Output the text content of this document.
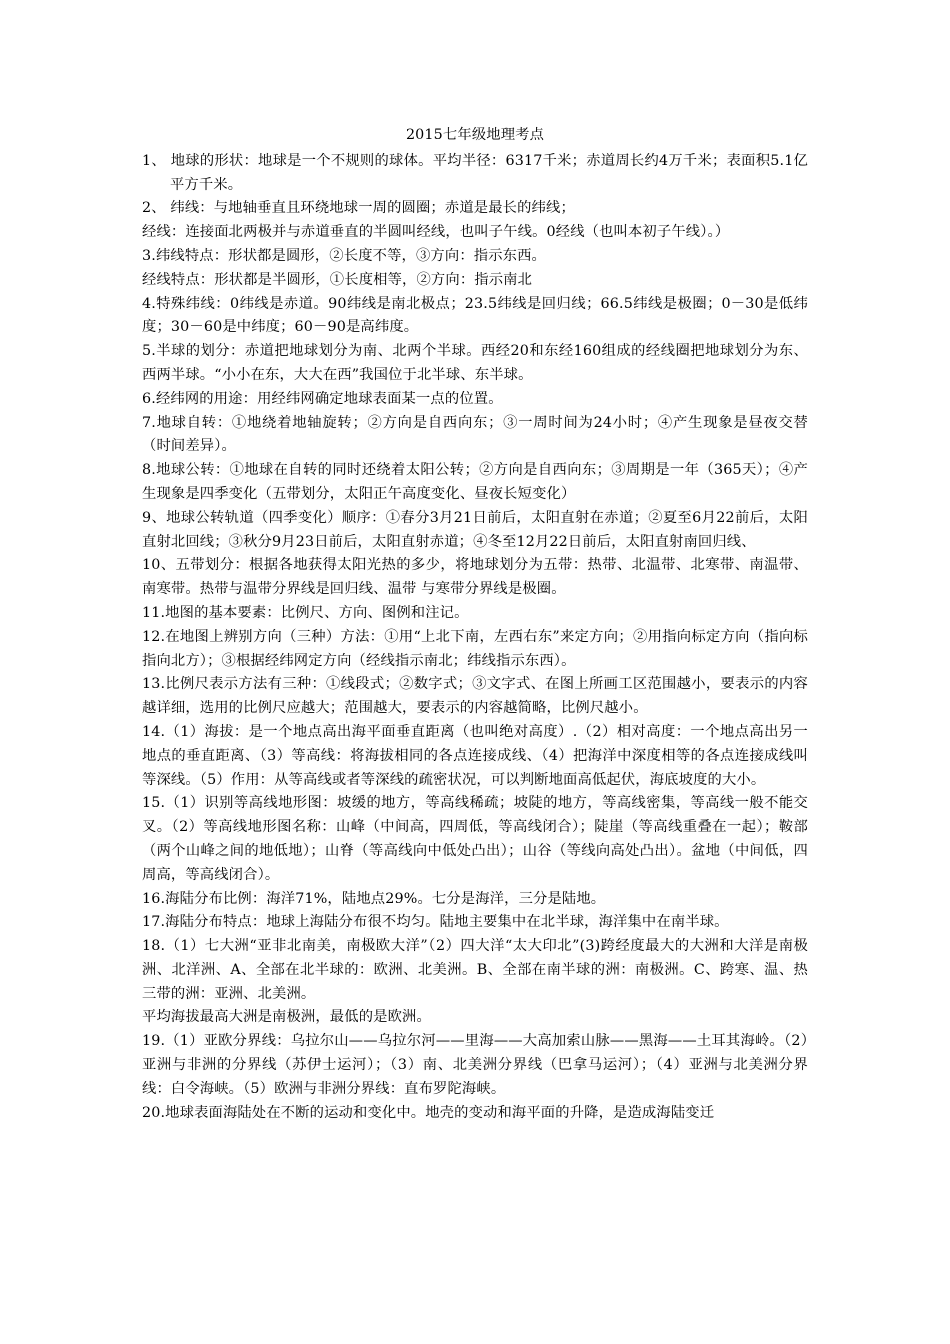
2015七年级地理考点

1、 地球的形状：地球是一个不规则的球体。平均半径：6317千米；赤道周长约4万千米；表面积5.1亿平方千米。

2、 纬线：与地轴垂直且环绕地球一周的圆圈；赤道是最长的纬线；

经线：连接面北两极并与赤道垂直的半圆叫经线，也叫子午线。0经线（也叫本初子午线）。）

3.纬线特点：形状都是圆形，②长度不等，③方向：指示东西。

经线特点：形状都是半圆形，①长度相等，②方向：指示南北

4.特殊纬线：0纬线是赤道。90纬线是南北极点；23.5纬线是回归线；66.5纬线是极圈；0－30是低纬度；30－60是中纬度；60－90是高纬度。

5.半球的划分：赤道把地球划分为南、北两个半球。西经20和东经160组成的经线圈把地球划分为东、西两半球。“小小在东，大大在西”我国位于北半球、东半球。

6.经纬网的用途：用经纬网确定地球表面某一点的位置。

7.地球自转：①地绕着地轴旋转；②方向是自西向东；③一周时间为24小时；④产生现象是昼夜交替（时间差异）。

8.地球公转：①地球在自转的同时还绕着太阳公转；②方向是自西向东；③周期是一年（365天）；④产生现象是四季变化（五带划分，太阳正午高度变化、昼夜长短变化）

9、地球公转轨道（四季变化）顺序：①春分3月21日前后，太阳直射在赤道；②夏至6月22前后，太阳直射北回线；③秋分9月23日前后，太阳直射赤道；④冬至12月22日前后，太阳直射南回归线、

10、五带划分：根据各地获得太阳光热的多少，将地球划分为五带：热带、北温带、北寒带、南温带、南寒带。热带与温带分界线是回归线、温带 与寒带分界线是极圈。

11.地图的基本要素：比例尺、方向、图例和注记。

12.在地图上辨别方向（三种）方法：①用“上北下南，左西右东”来定方向；②用指向标定方向（指向标指向北方）；③根据经纬网定方向（经线指示南北；纬线指示东西）。

13.比例尺表示方法有三种：①线段式；②数字式；③文字式、在图上所画工区范围越小，要表示的内容越详细，选用的比例尺应越大；范围越大，要表示的内容越简略，比例尺越小。

14.（1）海拔：是一个地点高出海平面垂直距离（也叫绝对高度）.（2）相对高度：一个地点高出另一地点的垂直距离、（3）等高线：将海拔相同的各点连接成线、（4）把海洋中深度相等的各点连接成线叫等深线。（5）作用：从等高线或者等深线的疏密状况，可以判断地面高低起伏，海底坡度的大小。

15.（1）识别等高线地形图：坡缓的地方，等高线稀疏；坡陡的地方，等高线密集，等高线一般不能交叉。（2）等高线地形图名称：山峰（中间高，四周低，等高线闭合）；陡崖（等高线重叠在一起）；鞍部（两个山峰之间的地低地）；山脊（等高线向中低处凸出）；山谷（等线向高处凸出）。盆地（中间低，四周高，等高线闭合）。

16.海陆分布比例：海洋71%，陆地点29%。七分是海洋，三分是陆地。

17.海陆分布特点：地球上海陆分布很不均匀。陆地主要集中在北半球，海洋集中在南半球。

18.（1）七大洲“亚非北南美，南极欧大洋”（2）四大洋“太大印北”(3)跨经度最大的大洲和大洋是南极洲、北洋洲、A、全部在北半球的：欧洲、北美洲。B、全部在南半球的洲：南极洲。C、跨寒、温、热三带的洲：亚洲、北美洲。

平均海拔最高大洲是南极洲，最低的是欧洲。

19.（1）亚欧分界线：乌拉尔山——乌拉尔河——里海——大高加索山脉——黑海——土耳其海岭。（2）亚洲与非洲的分界线（苏伊士运河）；（3）南、北美洲分界线（巴拿马运河）；（4）亚洲与北美洲分界线：白令海峡。（5）欧洲与非洲分界线：直布罗陀海峡。

20.地球表面海陆处在不断的运动和变化中。地壳的变动和海平面的升降，是造成海陆变迁
